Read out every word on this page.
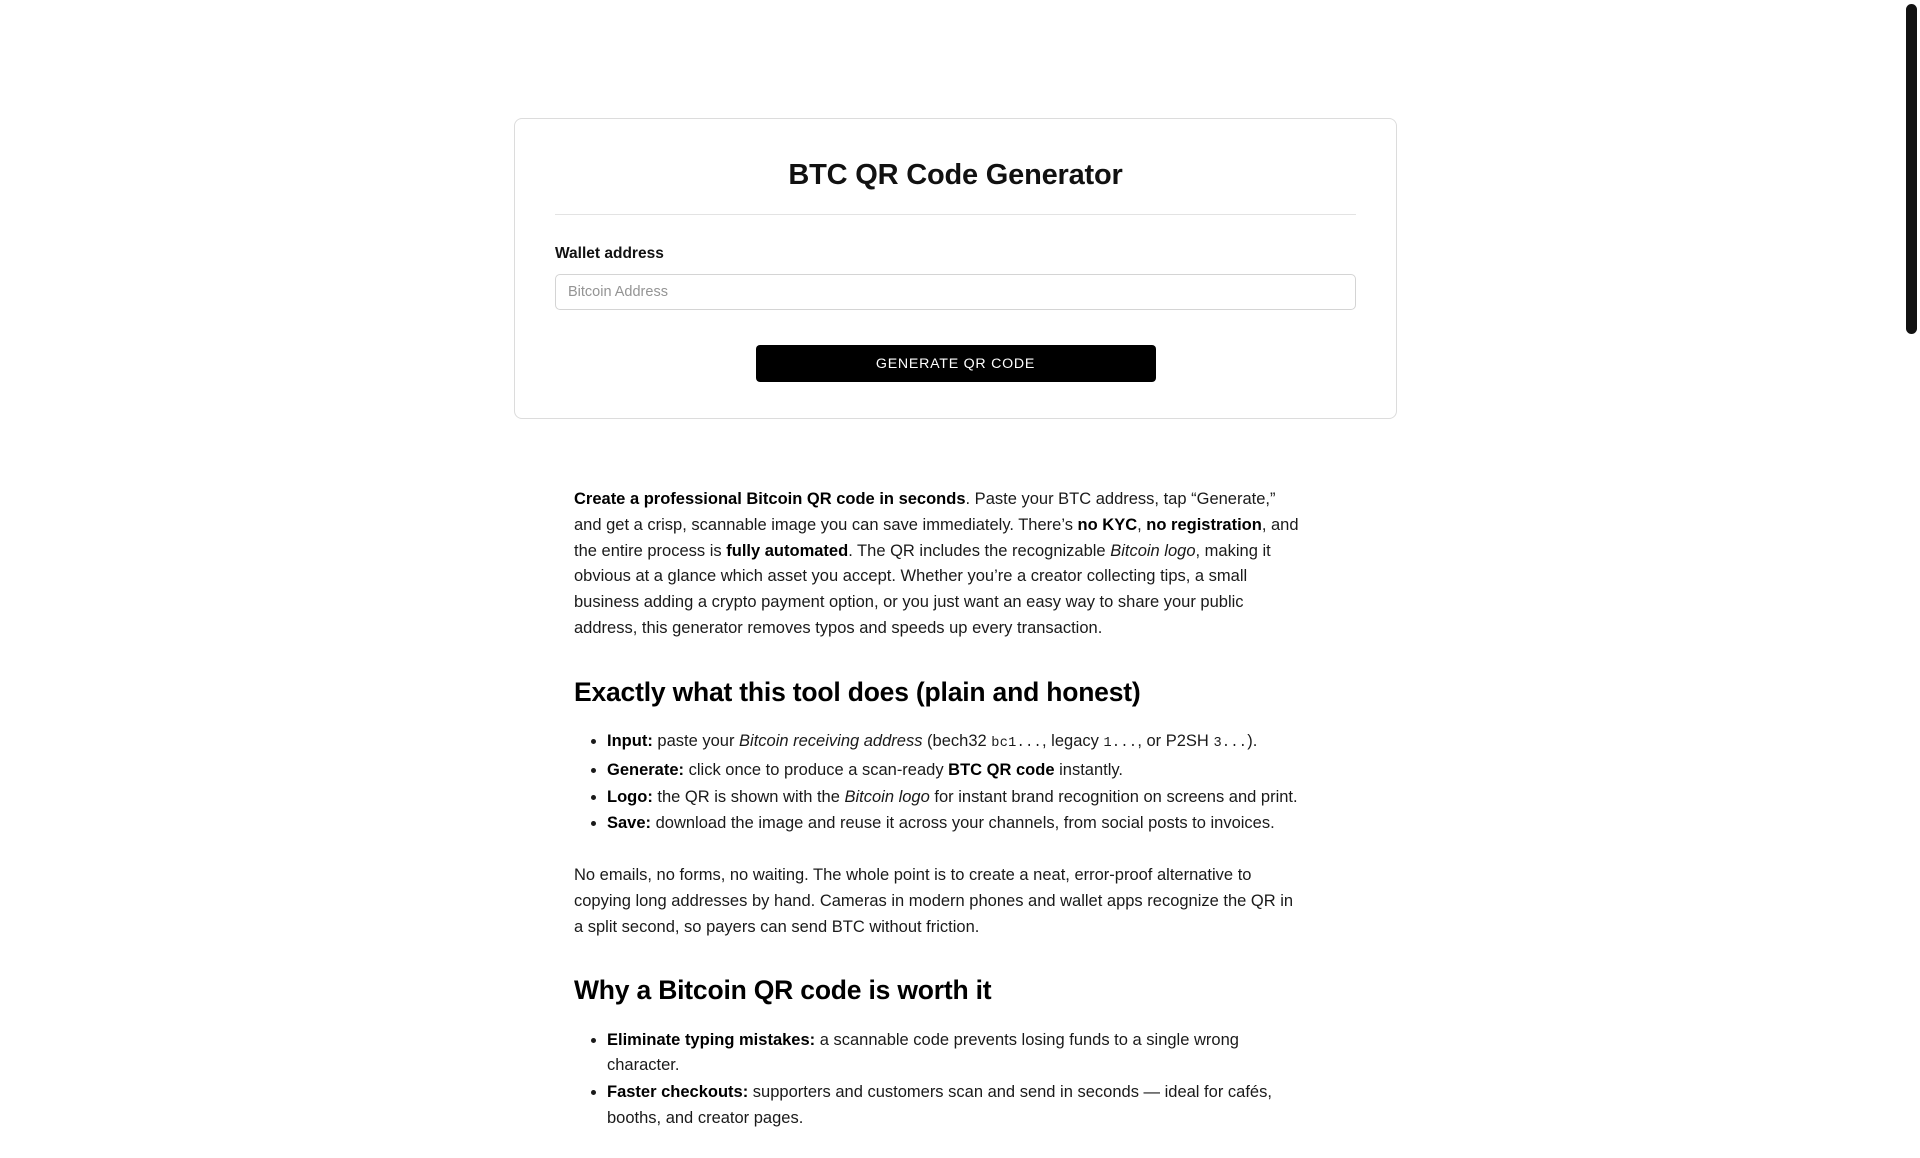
BTC QR Code Generator
Wallet address
Bitcoin Address
GENERATE QR CODE

Create a professional Bitcoin QR code in seconds. Paste your BTC address, tap “Generate,” and get a crisp, scannable image you can save immediately. There’s no KYC, no registration, and the entire process is fully automated. The QR includes the recognizable Bitcoin logo, making it obvious at a glance which asset you accept. Whether you’re a creator collecting tips, a small business adding a crypto payment option, or you just want an easy way to share your public address, this generator removes typos and speeds up every transaction.

Exactly what this tool does (plain and honest)
• Input: paste your Bitcoin receiving address (bech32 bc1..., legacy 1..., or P2SH 3...).
• Generate: click once to produce a scan-ready BTC QR code instantly.
• Logo: the QR is shown with the Bitcoin logo for instant brand recognition on screens and print.
• Save: download the image and reuse it across your channels, from social posts to invoices.

No emails, no forms, no waiting. The whole point is to create a neat, error-proof alternative to copying long addresses by hand. Cameras in modern phones and wallet apps recognize the QR in a split second, so payers can send BTC without friction.

Why a Bitcoin QR code is worth it
• Eliminate typing mistakes: a scannable code prevents losing funds to a single wrong character.
• Faster checkouts: supporters and customers scan and send in seconds — ideal for cafés, booths, and creator pages.
